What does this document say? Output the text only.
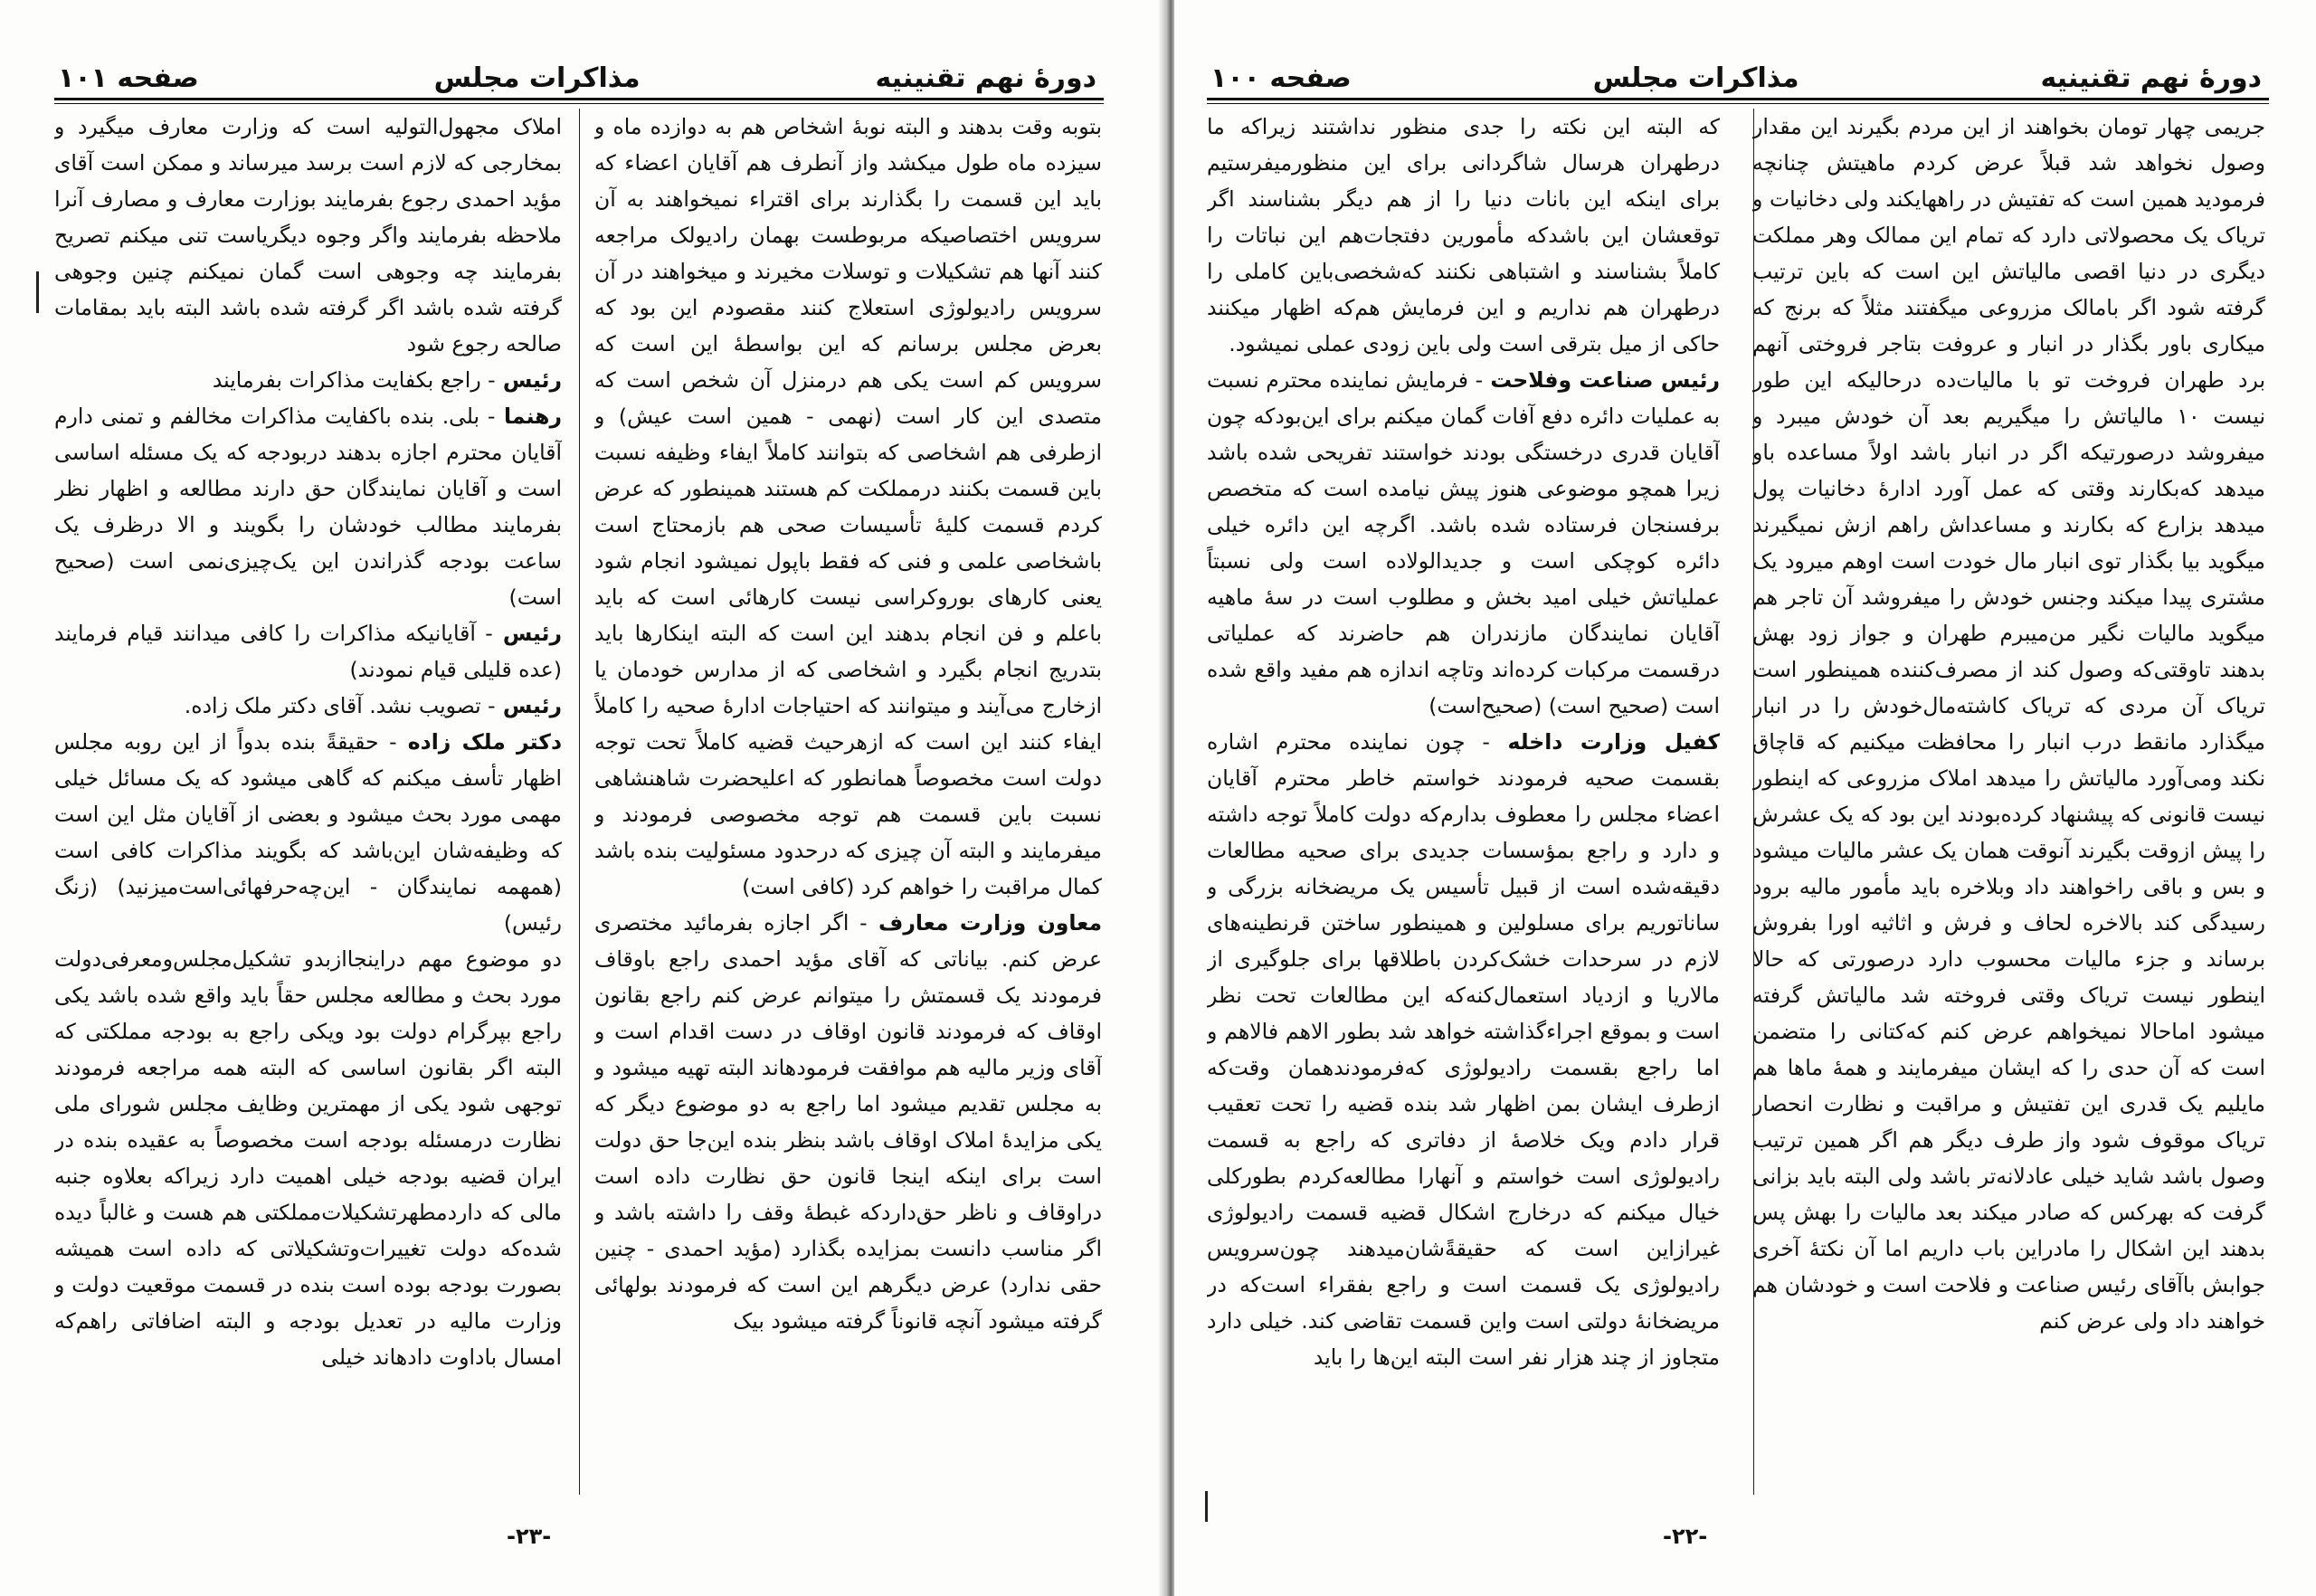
دورهٔ نهم تقنینیه
مذاکرات مجلس
صفحه ۱۰۱

بتوبه وقت بدهند و البته نوبهٔ اشخاص هم به دوازده ماه و سیزده ماه طول میکشد واز آنطرف هم آقایان اعضاء که باید این قسمت را بگذارند برای اقتراء نمیخواهند به آن سرویس اختصاصیکه مربوطست بهمان رادیولک مراجعه کنند آنها هم تشکیلات و توسلات مخیرند و میخواهند در آن سرویس رادیولوژی استعلاج کنند مقصودم این بود که بعرض مجلس برسانم که این بواسطهٔ این است که سرویس کم است یکی هم درمنزل آن شخص است که متصدی این کار است (نهمی - همین است عیش) و ازطرفی هم اشخاصی که بتوانند کاملاً ایفاء وظیفه نسبت باین قسمت بکنند درمملکت کم هستند همینطور که عرض کردم قسمت کلیهٔ تأسیسات صحی هم بازمحتاج است باشخاصی علمی و فنی که فقط باپول نمیشود انجام شود یعنی کارهای بوروکراسی نیست کارهائی است که باید باعلم و فن انجام بدهند این است که البته اینکارها باید بتدریج انجام بگیرد و اشخاصی که از مدارس خودمان یا ازخارج می‌آیند و میتوانند که احتیاجات ادارهٔ صحیه را کاملاً ایفاء کنند این است که ازهرحیث قضیه کاملاً تحت توجه دولت است مخصوصاً همانطور که اعلیحضرت شاهنشاهی نسبت باین قسمت هم توجه مخصوصی فرمودند و میفرمایند و البته آن چیزی که درحدود مسئولیت بنده باشد کمال مراقبت را خواهم کرد (کافی است)

معاون وزارت معارف - اگر اجازه بفرمائید مختصری عرض کنم. بیاناتی که آقای مؤید احمدی راجع باوقاف فرمودند یک قسمتش را میتوانم عرض کنم راجع بقانون اوقاف که فرمودند قانون اوقاف در دست اقدام است و آقای وزیر مالیه هم موافقت فرمودهاند البته تهیه میشود و به مجلس تقدیم میشود اما راجع به دو موضوع دیگر که یکی مزایدهٔ املاک اوقاف باشد بنظر بنده این‌جا حق دولت است برای اینکه اینجا قانون حق نظارت داده است دراوقاف و ناظر حق‌داردکه غبطهٔ وقف را داشته باشد و اگر مناسب دانست بمزایده بگذارد (مؤید احمدی - چنین حقی ندارد) عرض دیگرهم این است که فرمودند بولهائی گرفته میشود آنچه قانوناً گرفته میشود بیک

املاک مجهول‌التولیه است که وزارت معارف میگیرد و بمخارجی که لازم است برسد میرساند و ممکن است آقای مؤید احمدی رجوع بفرمایند بوزارت معارف و مصارف آنرا ملاحظه بفرمایند واگر وجوه دیگریاست تنی میکنم تصریح بفرمایند چه وجوهی است گمان نمیکنم چنین وجوهی گرفته شده باشد اگر گرفته شده باشد البته باید بمقامات صالحه رجوع شود

رئیس - راجع بکفایت مذاکرات بفرمایند

رهنما - بلی. بنده باکفایت مذاکرات مخالفم و تمنی دارم آقایان محترم اجازه بدهند دربودجه که یک مسئله اساسی است و آقایان نمایندگان حق دارند مطالعه و اظهار نظر بفرمایند مطالب خودشان را بگویند و الا درظرف یک ساعت بودجه گذراندن این یک‌چیزی‌نمی است (صحیح است)

رئیس - آقایانیکه مذاکرات را کافی میدانند قیام فرمایند (عده قلیلی قیام نمودند)

رئیس - تصویب نشد. آقای دکتر ملک زاده.

دکتر ملک زاده - حقیقةً بنده بدواً از این روبه مجلس اظهار تأسف میکنم که گاهی میشود که یک مسائل خیلی مهمی مورد بحث میشود و بعضی از آقایان مثل این است که وظیفه‌شان این‌باشد که بگویند مذاکرات کافی است (همهمه نمایندگان - این‌چه‌حرفهائی‌است‌میزنید) (زنگ رئیس)

دو موضوع مهم دراینجا‌ازبدو تشکیل‌مجلس‌ومعرفی‌دولت مورد بحث و مطالعه مجلس حقاً باید واقع شده باشد یکی راجع بپرگرام دولت بود ویکی راجع به بودجه مملکتی که البته اگر بقانون اساسی که البته همه مراجعه فرمودند توجهی شود یکی از مهمترین وظایف مجلس شورای ملی نظارت درمسئله بودجه است مخصوصاً به عقیده بنده در ایران قضیه بودجه خیلی اهمیت دارد زیراکه بعلاوه جنبه مالی که داردمطهرتشکیلات‌مملکتی هم هست و غالباً دیده شده‌که دولت تغییرات‌وتشکیلاتی که داده است همیشه بصورت بودجه بوده است بنده در قسمت موقعیت دولت و وزارت مالیه در تعدیل بودجه و البته اضافاتی راهم‌که امسال باداوت دادهاند خیلی

-۲۳-
دورهٔ نهم تقنینیه
مذاکرات مجلس
صفحه ۱۰۰

جریمی چهار تومان بخواهند از این مردم بگیرند این مقدار وصول نخواهد شد قبلاً عرض کردم ماهیتش چنانچه فرمودید همین است که تفتیش در راههایکند ولی دخانیات و تریاک یک محصولاتی دارد که تمام این ممالک وهر مملکت دیگری در دنیا اقصی مالیاتش این است که باین ترتیب گرفته شود اگر بامالک مزروعی میگفتند مثلاً که برنج که میکاری باور بگذار در انبار و عروفت بتاجر فروختی آنهم برد طهران فروخت تو با مالیات‌ده درحالیکه این طور نیست ۱۰ مالیاتش را میگیریم بعد آن خودش میبرد و میفروشد درصورتیکه اگر در انبار باشد اولاً مساعده باو میدهد که‌بکارند وقتی که عمل آورد ادارهٔ دخانیات پول میدهد بزارع که بکارند و مساعداش راهم ازش نمیگیرند میگوید بیا بگذار توی انبار مال خودت است اوهم میرود یک مشتری پیدا میکند وجنس خودش را میفروشد آن تاجر هم میگوید مالیات نگیر من‌میبرم طهران و جواز زود بهش بدهند تاوقتی‌که وصول کند از مصرف‌کننده همینطور است تریاک آن مردی که تریاک کاشته‌مال‌خودش را در انبار میگذارد مانقط درب انبار را محافظت میکنیم که قاچاق نکند ومی‌آورد مالیاتش را میدهد املاک مزروعی که اینطور نیست قانونی که پیشنهاد کرده‌بودند این بود که یک عشرش را پیش ازوقت بگیرند آنوقت همان یک عشر مالیات میشود و بس و باقی راخواهند داد وبلاخره باید مأمور مالیه برود رسیدگی کند بالاخره لحاف و فرش و اثاثیه اورا بفروش برساند و جزء مالیات محسوب دارد درصورتی که حالا اینطور نیست تریاک وقتی فروخته شد مالیاتش گرفته میشود اماحالا نمیخواهم عرض کنم که‌کتانی را متضمن است که آن حدی را که ایشان میفرمایند و همهٔ ماها هم مایلیم یک قدری این تفتیش و مراقبت و نظارت انحصار تریاک موقوف شود واز طرف دیگر هم اگر همین ترتیب وصول باشد شاید خیلی عادلانه‌تر باشد ولی البته باید بزانی گرفت که بهرکس که صادر میکند بعد مالیات را بهش پس بدهند این اشکال را مادراین باب داریم اما آن نکتهٔ آخری جوابش باآقای رئیس صناعت و فلاحت است و خودشان هم خواهند داد ولی عرض کنم

که البته این نکته را جدی منظور نداشتند زیراکه ما درطهران هرسال شاگردانی برای این منظورمیفرستیم برای اینکه این بانات دنیا را از هم دیگر بشناسند اگر توقعشان این باشدکه مأمورین دفتجات‌هم این نباتات را کاملاً بشناسند و اشتباهی نکنند که‌شخصی‌باین کاملی را درطهران هم نداریم و این فرمایش هم‌که اظهار میکنند حاکی از میل بترقی است ولی باین زودی عملی نمیشود.

رئیس صناعت وفلاحت - فرمایش نماینده محترم نسبت به عملیات دائره دفع آفات گمان میکنم برای این‌بودکه چون آقایان قدری درخستگی بودند خواستند تفریحی شده باشد زیرا همچو موضوعی هنوز پیش نیامده است که متخصص برفسنجان فرستاده شده باشد. اگرچه این دائره خیلی دائره کوچکی است و جدیدالولاده است ولی نسبتاً عملیاتش خیلی امید بخش و مطلوب است در سهٔ ماهیه آقایان نمایندگان مازندران هم حاضرند که عملیاتی درقسمت مرکبات کرده‌اند وتاچه اندازه هم مفید واقع شده است (صحیح است) (صحیح‌است)

کفیل وزارت داخله - چون نماینده محترم اشاره بقسمت صحیه فرمودند خواستم خاطر محترم آقایان اعضاء مجلس را معطوف بدارم‌که دولت کاملاً توجه داشته و دارد و راجع بمؤسسات جدیدی برای صحیه مطالعات دقیقه‌شده است از قبیل تأسیس یک مریضخانه بزرگی و سانا‌توریم برای مسلولین و همینطور ساختن قرنطینه‌های لازم در سرحدات خشک‌کردن باطلاقها برای جلوگیری از مالاریا و ازدیاد استعمال‌کنه‌که این مطالعات تحت نظر است و بموقع اجراءگذاشته خواهد شد بطور الاهم فالاهم و اما راجع بقسمت رادیولوژی که‌فرمودند‌همان وقت‌که ازطرف ایشان بمن اظهار شد بنده قضیه را تحت تعقیب قرار دادم ویک خلاصهٔ از دفاتری که راجع به قسمت رادیولوژی است خواستم و آنهارا مطالعه‌کردم بطورکلی خیال میکنم که درخارج اشکال قضیه قسمت رادیولوژی غیرازاین است که حقیقةً‌شان‌میدهند چون‌سرویس رادیولوژی یک قسمت است و راجع بفقراء است‌که در مریضخانهٔ دولتی است واین قسمت تقاضی کند. خیلی دارد متجاوز از چند هزار نفر است البته این‌ها را باید

-۲۲-
